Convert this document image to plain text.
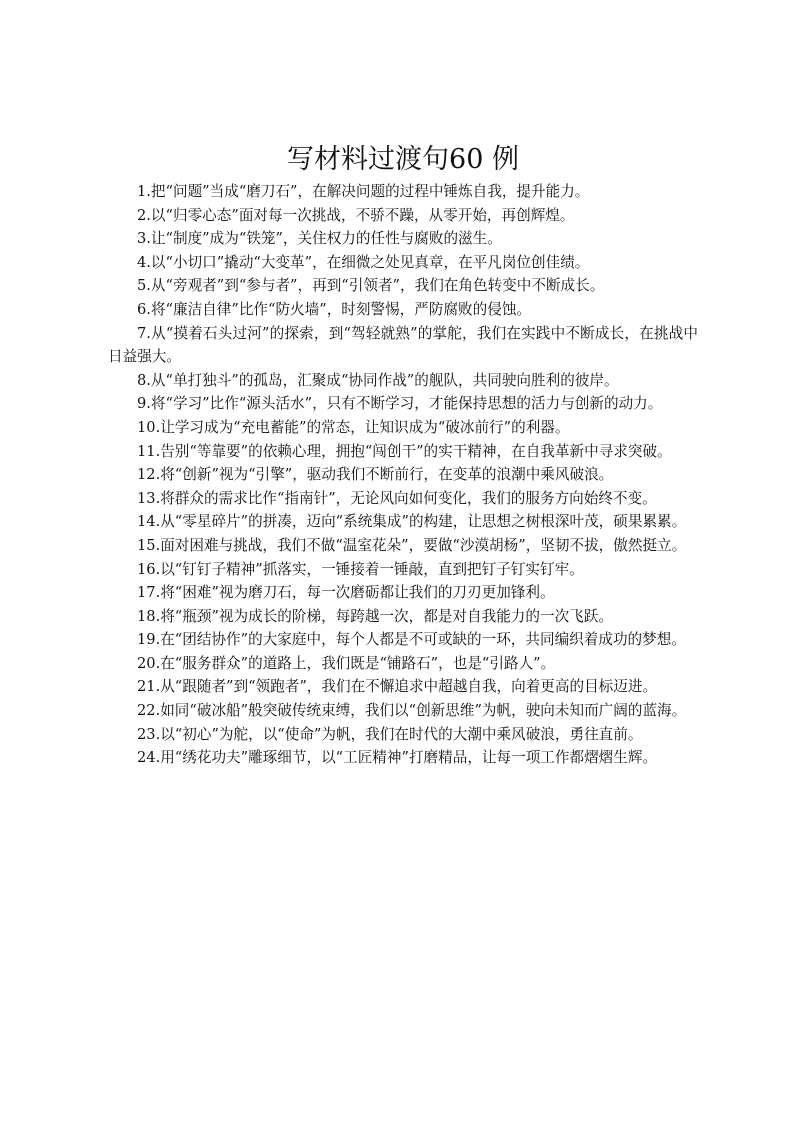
写材料过渡句60 例

1.把“问题”当成“磨刀石”，在解决问题的过程中锤炼自我，提升能力。

2.以“归零心态”面对每一次挑战，不骄不躁，从零开始，再创辉煌。

3.让“制度”成为“铁笼”，关住权力的任性与腐败的滋生。

4.以“小切口”撬动“大变革”，在细微之处见真章，在平凡岗位创佳绩。

5.从“旁观者”到“参与者”，再到“引领者”，我们在角色转变中不断成长。

6.将“廉洁自律”比作“防火墙”，时刻警惕，严防腐败的侵蚀。

7.从“摸着石头过河”的探索，到“驾轻就熟”的掌舵，我们在实践中不断成长，在挑战中日益强大。

8.从“单打独斗”的孤岛，汇聚成“协同作战”的舰队，共同驶向胜利的彼岸。

9.将“学习”比作“源头活水”，只有不断学习，才能保持思想的活力与创新的动力。

10.让学习成为“充电蓄能”的常态，让知识成为“破冰前行”的利器。

11.告别“等靠要”的依赖心理，拥抱“闯创干”的实干精神，在自我革新中寻求突破。

12.将“创新”视为“引擎”，驱动我们不断前行，在变革的浪潮中乘风破浪。

13.将群众的需求比作“指南针”，无论风向如何变化，我们的服务方向始终不变。

14.从“零星碎片”的拼凑，迈向“系统集成”的构建，让思想之树根深叶茂，硕果累累。

15.面对困难与挑战，我们不做“温室花朵”，要做“沙漠胡杨”，坚韧不拔，傲然挺立。

16.以“钉钉子精神”抓落实，一锤接着一锤敲，直到把钉子钉实钉牢。

17.将“困难”视为磨刀石，每一次磨砺都让我们的刀刃更加锋利。

18.将“瓶颈”视为成长的阶梯，每跨越一次，都是对自我能力的一次飞跃。

19.在“团结协作”的大家庭中，每个人都是不可或缺的一环，共同编织着成功的梦想。

20.在“服务群众”的道路上，我们既是“铺路石”，也是“引路人”。

21.从“跟随者”到“领跑者”，我们在不懈追求中超越自我，向着更高的目标迈进。

22.如同“破冰船”般突破传统束缚，我们以“创新思维”为帆，驶向未知而广阔的蓝海。

23.以“初心”为舵，以“使命”为帆，我们在时代的大潮中乘风破浪，勇往直前。

24.用“绣花功夫”雕琢细节，以“工匠精神”打磨精品，让每一项工作都熠熠生辉。
